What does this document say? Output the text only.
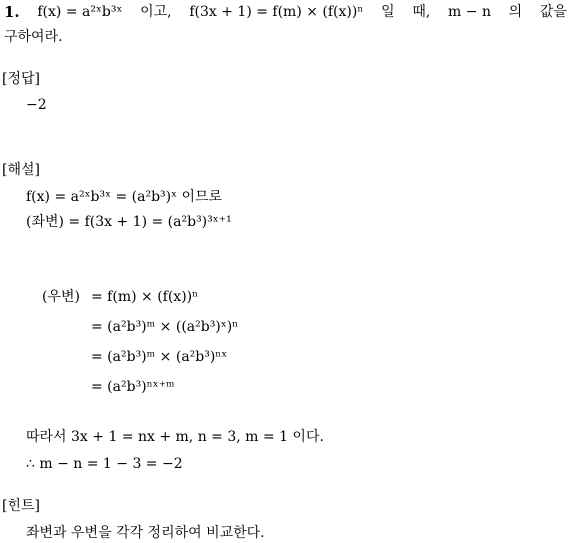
1. f(x) = a²ˣb³ˣ 이고, f(3x + 1) = f(m) × (f(x))ⁿ 일 때, m − n 의 값을
구하여라.
[정답]
−2
[해설]
f(x) = a²ˣb³ˣ = (a²b³)ˣ 이므로
(좌변) = f(3x + 1) = (a²b³)³ˣ⁺¹
(우변) = f(m) × (f(x))ⁿ
= (a²b³)ᵐ × ((a²b³)ˣ)ⁿ
= (a²b³)ᵐ × (a²b³)ⁿˣ
= (a²b³)ⁿˣ⁺ᵐ
따라서 3x + 1 = nx + m, n = 3, m = 1 이다.
∴ m − n = 1 − 3 = −2
[힌트]
좌변과 우변을 각각 정리하여 비교한다.
